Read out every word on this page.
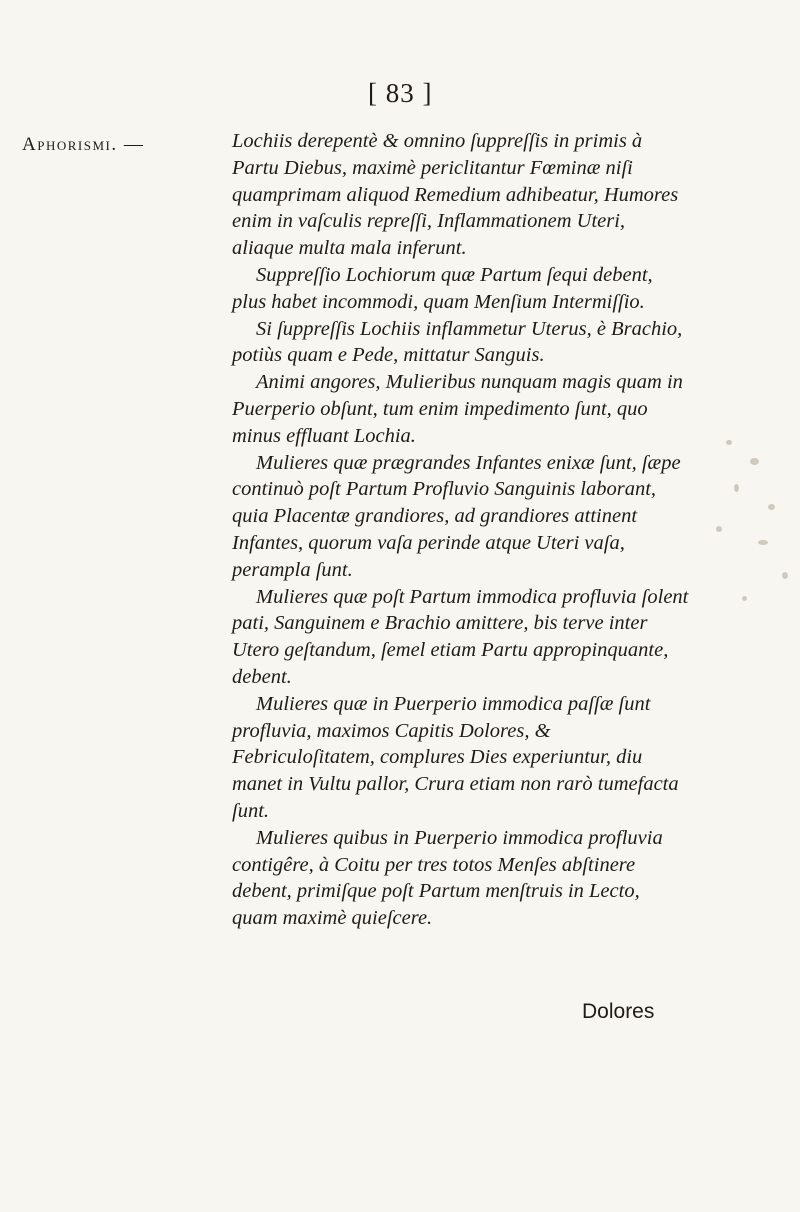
[ 83 ]
Aphorismi. —	Lochiis derepentè & omnino ſuppreſſis in primis à Partu Diebus, maximè periclitantur Fœminæ niſi quamprimam aliquod Remedium adhibeatur, Humores enim in vaſculis repreſſi, Inflammationem Uteri, aliaque multa mala inferunt.

Suppreſſio Lochiorum quæ Partum ſequi debent, plus habet incommodi, quam Menſium Intermiſſio.

Si ſuppreſſis Lochiis inflammetur Uterus, è Brachio, potiùs quam e Pede, mittatur Sanguis.

Animi angores, Mulieribus nunquam magis quam in Puerperio obſunt, tum enim impedimento ſunt, quo minus effluant Lochia.

Mulieres quæ prægrandes Infantes enixæ ſunt, ſæpe continuò poſt Partum Profluvio Sanguinis laborant, quia Placentæ grandiores, ad grandiores attinent Infantes, quorum vaſa perinde atque Uteri vaſa, perampla ſunt.

Mulieres quæ poſt Partum immodica profluvia ſolent pati, Sanguinem e Brachio amittere, bis terve inter Utero geſtandum, ſemel etiam Partu appropinquante, debent.

Mulieres quæ in Puerperio immodica paſſæ ſunt profluvia, maximos Capitis Dolores, & Febriculoſitatem, complures Dies experiuntur, diu manet in Vultu pallor, Crura etiam non rarò tumefacta ſunt.

Mulieres quibus in Puerperio immodica profluvia contigêre, à Coitu per tres totos Menſes abſtinere debent, primiſque poſt Partum menſtruis in Lecto, quam maximè quieſcere.

Dolores
